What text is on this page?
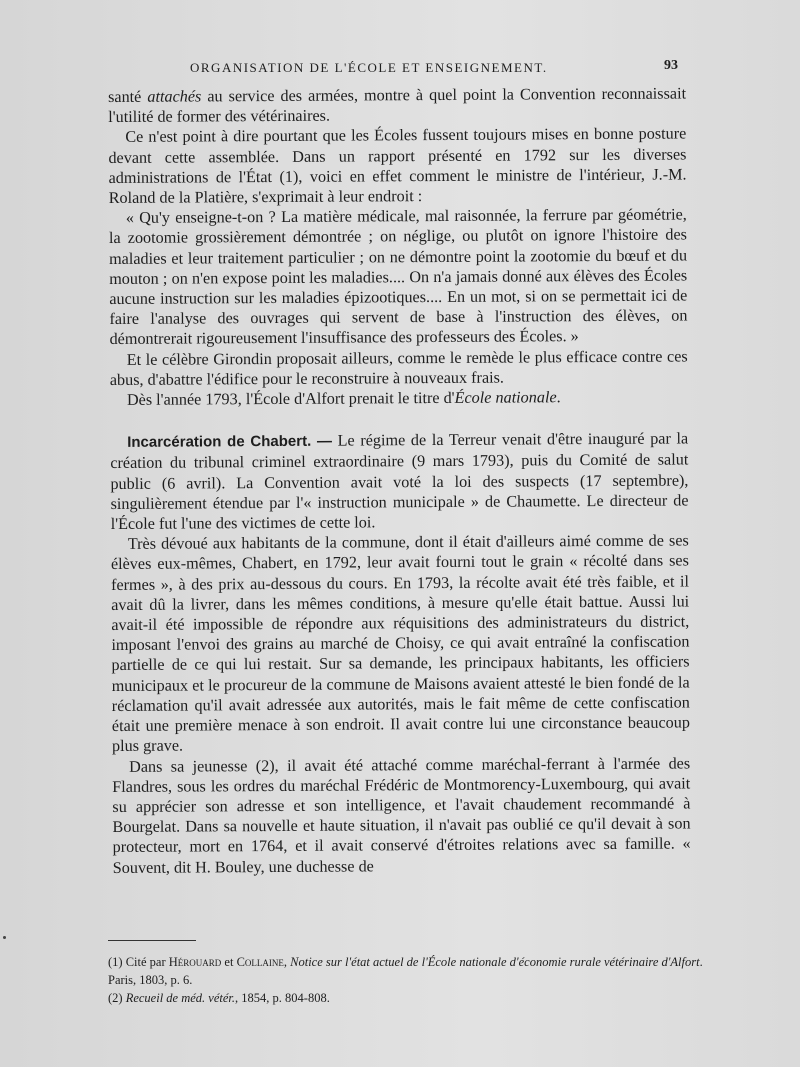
ORGANISATION DE L'ÉCOLE ET ENSEIGNEMENT.	93

santé attachés au service des armées, montre à quel point la Convention reconnaissait l'utilité de former des vétérinaires.

Ce n'est point à dire pourtant que les Écoles fussent toujours mises en bonne posture devant cette assemblée. Dans un rapport présenté en 1792 sur les diverses administrations de l'État (1), voici en effet comment le ministre de l'intérieur, J.-M. Roland de la Platière, s'exprimait à leur endroit :

« Qu'y enseigne-t-on ? La matière médicale, mal raisonnée, la ferrure par géométrie, la zootomie grossièrement démontrée ; on néglige, ou plutôt on ignore l'histoire des maladies et leur traitement particulier ; on ne démontre point la zootomie du bœuf et du mouton ; on n'en expose point les maladies.... On n'a jamais donné aux élèves des Écoles aucune instruction sur les maladies épizootiques.... En un mot, si on se permettait ici de faire l'analyse des ouvrages qui servent de base à l'instruction des élèves, on démontrerait rigoureusement l'insuffisance des professeurs des Écoles. »

Et le célèbre Girondin proposait ailleurs, comme le remède le plus efficace contre ces abus, d'abattre l'édifice pour le reconstruire à nouveaux frais.

Dès l'année 1793, l'École d'Alfort prenait le titre d'École nationale.

Incarcération de Chabert. — Le régime de la Terreur venait d'être inauguré par la création du tribunal criminel extraordinaire (9 mars 1793), puis du Comité de salut public (6 avril). La Convention avait voté la loi des suspects (17 septembre), singulièrement étendue par l'« instruction municipale » de Chaumette. Le directeur de l'École fut l'une des victimes de cette loi.

Très dévoué aux habitants de la commune, dont il était d'ailleurs aimé comme de ses élèves eux-mêmes, Chabert, en 1792, leur avait fourni tout le grain « récolté dans ses fermes », à des prix au-dessous du cours. En 1793, la récolte avait été très faible, et il avait dû la livrer, dans les mêmes conditions, à mesure qu'elle était battue. Aussi lui avait-il été impossible de répondre aux réquisitions des administrateurs du district, imposant l'envoi des grains au marché de Choisy, ce qui avait entraîné la confiscation partielle de ce qui lui restait. Sur sa demande, les principaux habitants, les officiers municipaux et le procureur de la commune de Maisons avaient attesté le bien fondé de la réclamation qu'il avait adressée aux autorités, mais le fait même de cette confiscation était une première menace à son endroit. Il avait contre lui une circonstance beaucoup plus grave.

Dans sa jeunesse (2), il avait été attaché comme maréchal-ferrant à l'armée des Flandres, sous les ordres du maréchal Frédéric de Montmorency-Luxembourg, qui avait su apprécier son adresse et son intelligence, et l'avait chaudement recommandé à Bourgelat. Dans sa nouvelle et haute situation, il n'avait pas oublié ce qu'il devait à son protecteur, mort en 1764, et il avait conservé d'étroites relations avec sa famille. « Souvent, dit H. Bouley, une duchesse de

(1) Cité par Hérouard et Collaine, Notice sur l'état actuel de l'École nationale d'économie rurale vétérinaire d'Alfort. Paris, 1803, p. 6.

(2) Recueil de méd. vétér., 1854, p. 804-808.
